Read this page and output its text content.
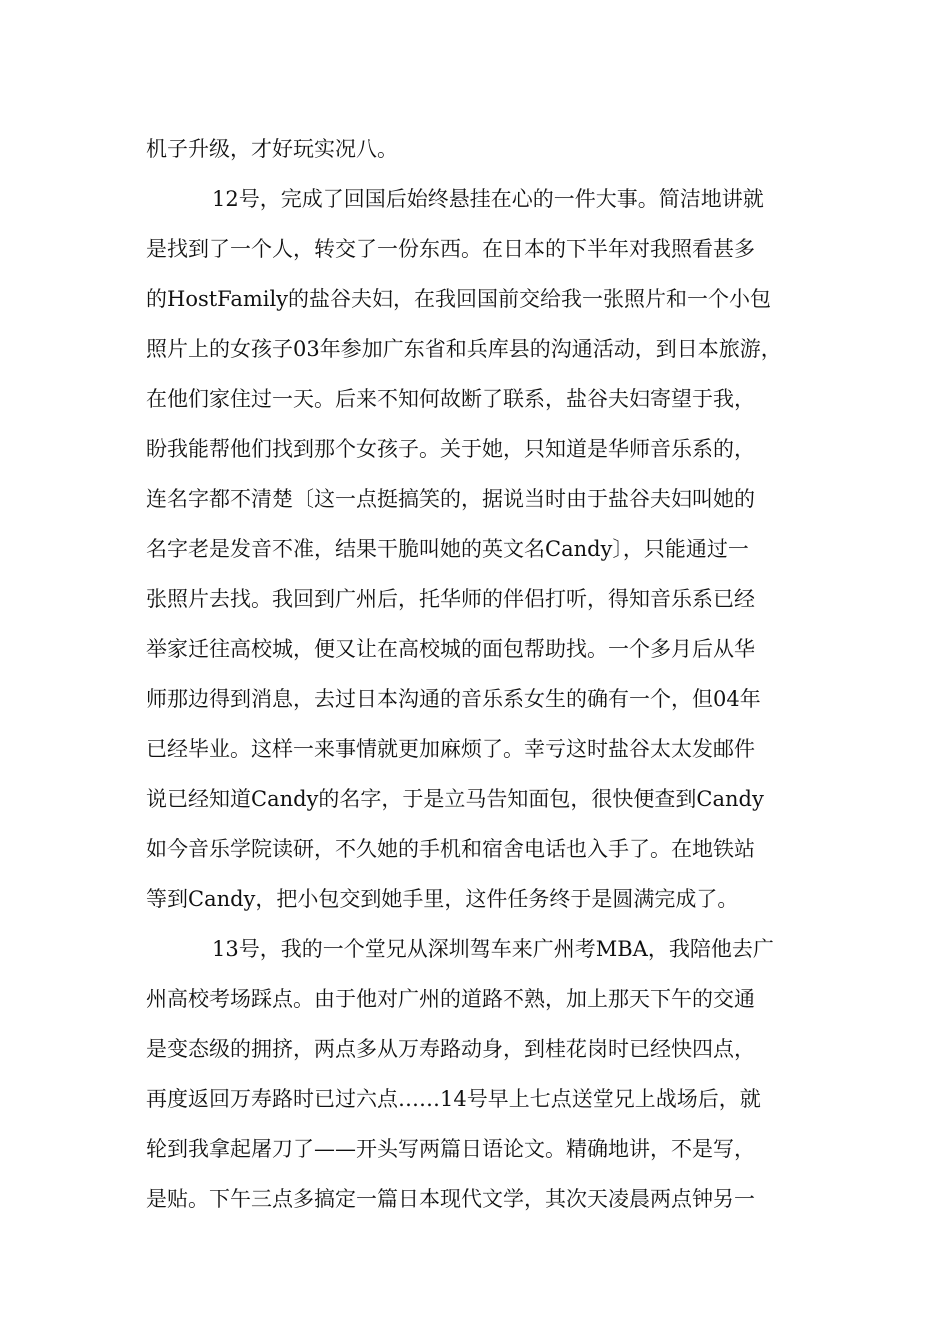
机子升级，才好玩实况八。
12号，完成了回国后始终悬挂在心的一件大事。简洁地讲就
是找到了一个人，转交了一份东西。在日本的下半年对我照看甚多
的HostFamily的盐谷夫妇，在我回国前交给我一张照片和一个小包
照片上的女孩子03年参加广东省和兵库县的沟通活动，到日本旅游，
在他们家住过一天。后来不知何故断了联系，盐谷夫妇寄望于我，
盼我能帮他们找到那个女孩子。关于她，只知道是华师音乐系的，
连名字都不清楚〔这一点挺搞笑的，据说当时由于盐谷夫妇叫她的
名字老是发音不准，结果干脆叫她的英文名Candy〕，只能通过一
张照片去找。我回到广州后，托华师的伴侣打听，得知音乐系已经
举家迁往高校城，便又让在高校城的面包帮助找。一个多月后从华
师那边得到消息，去过日本沟通的音乐系女生的确有一个，但04年
已经毕业。这样一来事情就更加麻烦了。幸亏这时盐谷太太发邮件
说已经知道Candy的名字，于是立马告知面包，很快便查到Candy
如今音乐学院读研，不久她的手机和宿舍电话也入手了。在地铁站
等到Candy，把小包交到她手里，这件任务终于是圆满完成了。
13号，我的一个堂兄从深圳驾车来广州考MBA，我陪他去广
州高校考场踩点。由于他对广州的道路不熟，加上那天下午的交通
是变态级的拥挤，两点多从万寿路动身，到桂花岗时已经快四点，
再度返回万寿路时已过六点……14号早上七点送堂兄上战场后，就
轮到我拿起屠刀了——开头写两篇日语论文。精确地讲，不是写，
是贴。下午三点多搞定一篇日本现代文学，其次天凌晨两点钟另一
